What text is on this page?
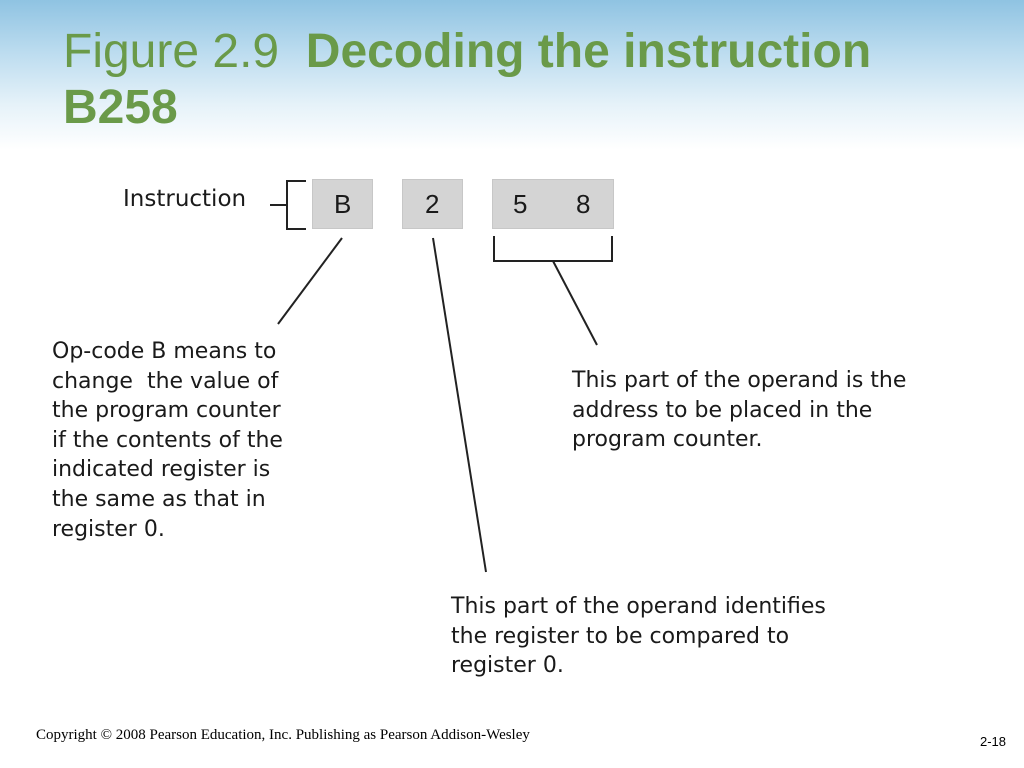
Figure 2.9 Decoding the instruction
B258
Instruction	B	2	5 8
Op-code B means to
change  the value of
the program counter
if the contents of the
indicated register is
the same as that in
register 0.
This part of the operand is the
address to be placed in the
program counter.
This part of the operand identifies
the register to be compared to
register 0.
Copyright © 2008 Pearson Education, Inc. Publishing as Pearson Addison-Wesley	2-18
